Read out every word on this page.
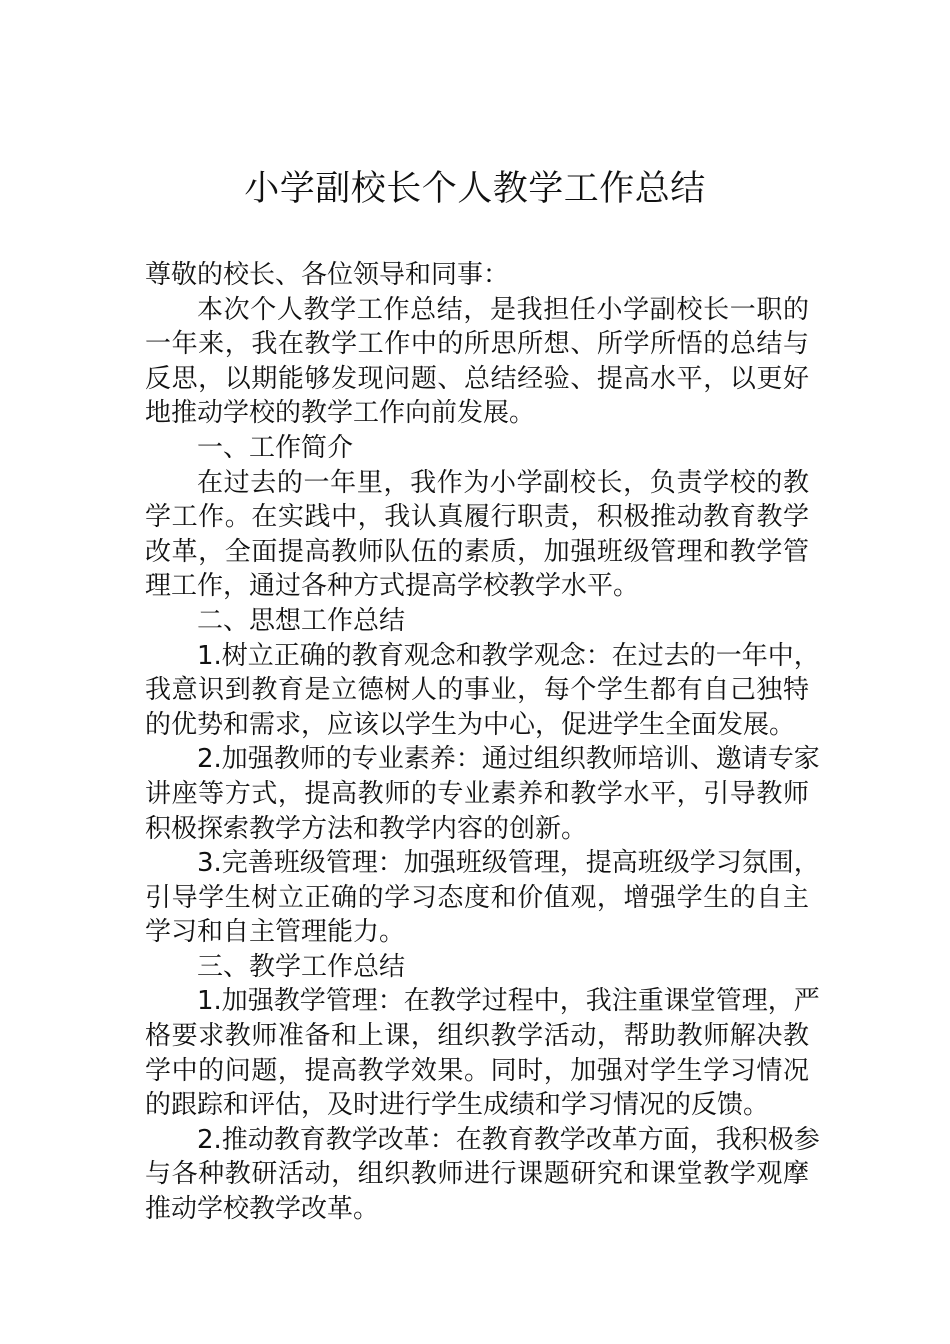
小学副校长个人教学工作总结
尊敬的校长、各位领导和同事：
本次个人教学工作总结，是我担任小学副校长一职的
一年来，我在教学工作中的所思所想、所学所悟的总结与
反思，以期能够发现问题、总结经验、提高水平，以更好
地推动学校的教学工作向前发展。
一、工作简介
在过去的一年里，我作为小学副校长，负责学校的教
学工作。在实践中，我认真履行职责，积极推动教育教学
改革，全面提高教师队伍的素质，加强班级管理和教学管
理工作，通过各种方式提高学校教学水平。
二、思想工作总结
1.树立正确的教育观念和教学观念：在过去的一年中，
我意识到教育是立德树人的事业，每个学生都有自己独特
的优势和需求，应该以学生为中心，促进学生全面发展。
2.加强教师的专业素养：通过组织教师培训、邀请专家
讲座等方式，提高教师的专业素养和教学水平，引导教师
积极探索教学方法和教学内容的创新。
3.完善班级管理：加强班级管理，提高班级学习氛围，
引导学生树立正确的学习态度和价值观，增强学生的自主
学习和自主管理能力。
三、教学工作总结
1.加强教学管理：在教学过程中，我注重课堂管理，严
格要求教师准备和上课，组织教学活动，帮助教师解决教
学中的问题，提高教学效果。同时，加强对学生学习情况
的跟踪和评估，及时进行学生成绩和学习情况的反馈。
2.推动教育教学改革：在教育教学改革方面，我积极参
与各种教研活动，组织教师进行课题研究和课堂教学观摩
推动学校教学改革。
